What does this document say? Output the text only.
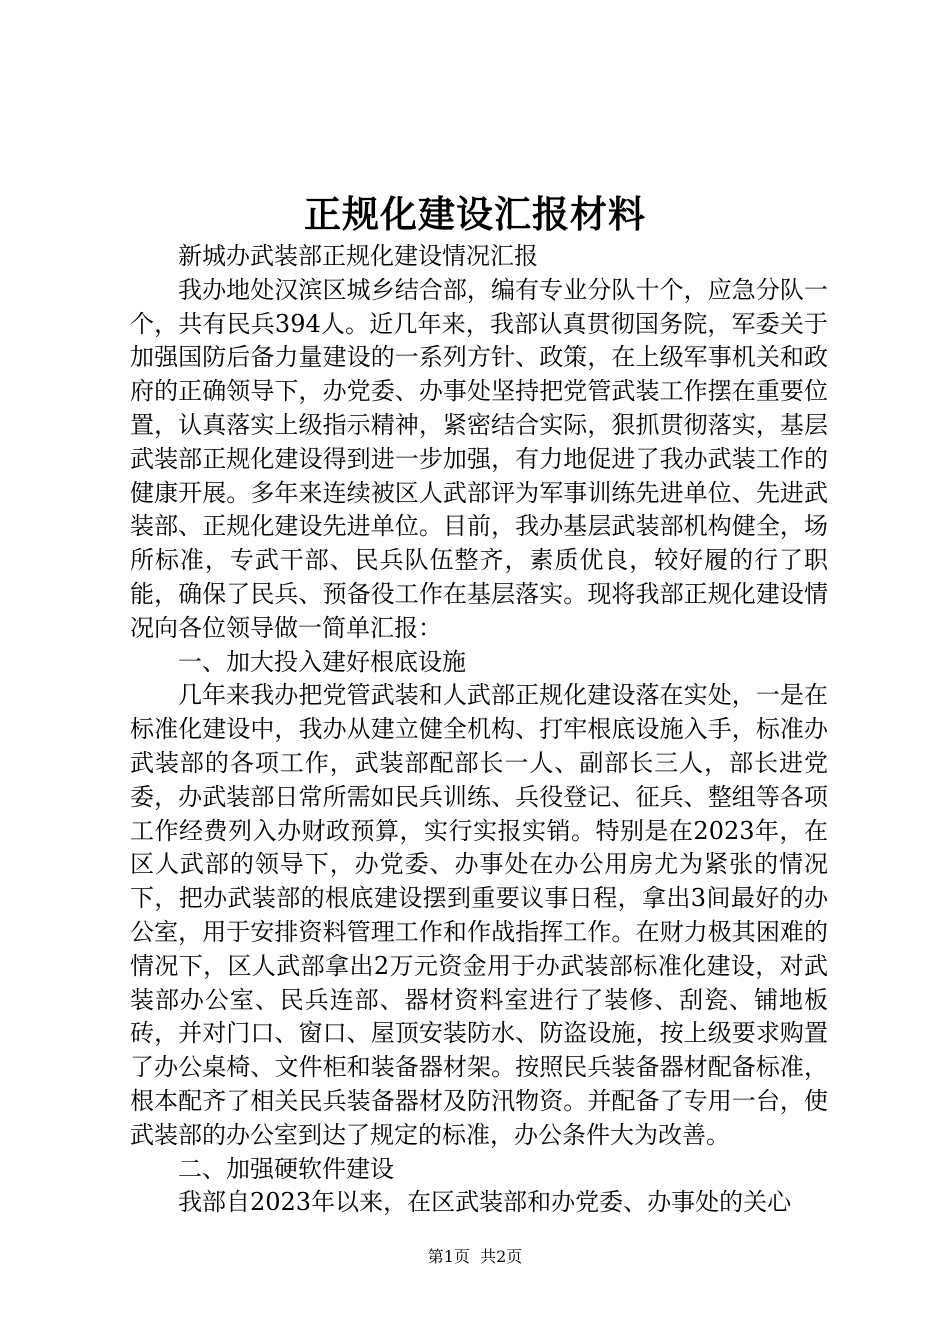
正规化建设汇报材料

新城办武装部正规化建设情况汇报

我办地处汉滨区城乡结合部，编有专业分队十个，应急分队一个，共有民兵394人。近几年来，我部认真贯彻国务院，军委关于加强国防后备力量建设的一系列方针、政策，在上级军事机关和政府的正确领导下，办党委、办事处坚持把党管武装工作摆在重要位置，认真落实上级指示精神，紧密结合实际，狠抓贯彻落实，基层武装部正规化建设得到进一步加强，有力地促进了我办武装工作的健康开展。多年来连续被区人武部评为军事训练先进单位、先进武装部、正规化建设先进单位。目前，我办基层武装部机构健全，场所标准，专武干部、民兵队伍整齐，素质优良，较好履的行了职能，确保了民兵、预备役工作在基层落实。现将我部正规化建设情况向各位领导做一简单汇报：

一、加大投入建好根底设施

几年来我办把党管武装和人武部正规化建设落在实处，一是在标准化建设中，我办从建立健全机构、打牢根底设施入手，标准办武装部的各项工作，武装部配部长一人、副部长三人，部长进党委，办武装部日常所需如民兵训练、兵役登记、征兵、整组等各项工作经费列入办财政预算，实行实报实销。特别是在2023年，在区人武部的领导下，办党委、办事处在办公用房尤为紧张的情况下，把办武装部的根底建设摆到重要议事日程，拿出3间最好的办公室，用于安排资料管理工作和作战指挥工作。在财力极其困难的情况下，区人武部拿出2万元资金用于办武装部标准化建设，对武装部办公室、民兵连部、器材资料室进行了装修、刮瓷、铺地板砖，并对门口、窗口、屋顶安装防水、防盗设施，按上级要求购置了办公桌椅、文件柜和装备器材架。按照民兵装备器材配备标准，根本配齐了相关民兵装备器材及防汛物资。并配备了专用一台，使武装部的办公室到达了规定的标准，办公条件大为改善。

二、加强硬软件建设

我部自2023年以来，在区武装部和办党委、办事处的关心

第1页 共2页
